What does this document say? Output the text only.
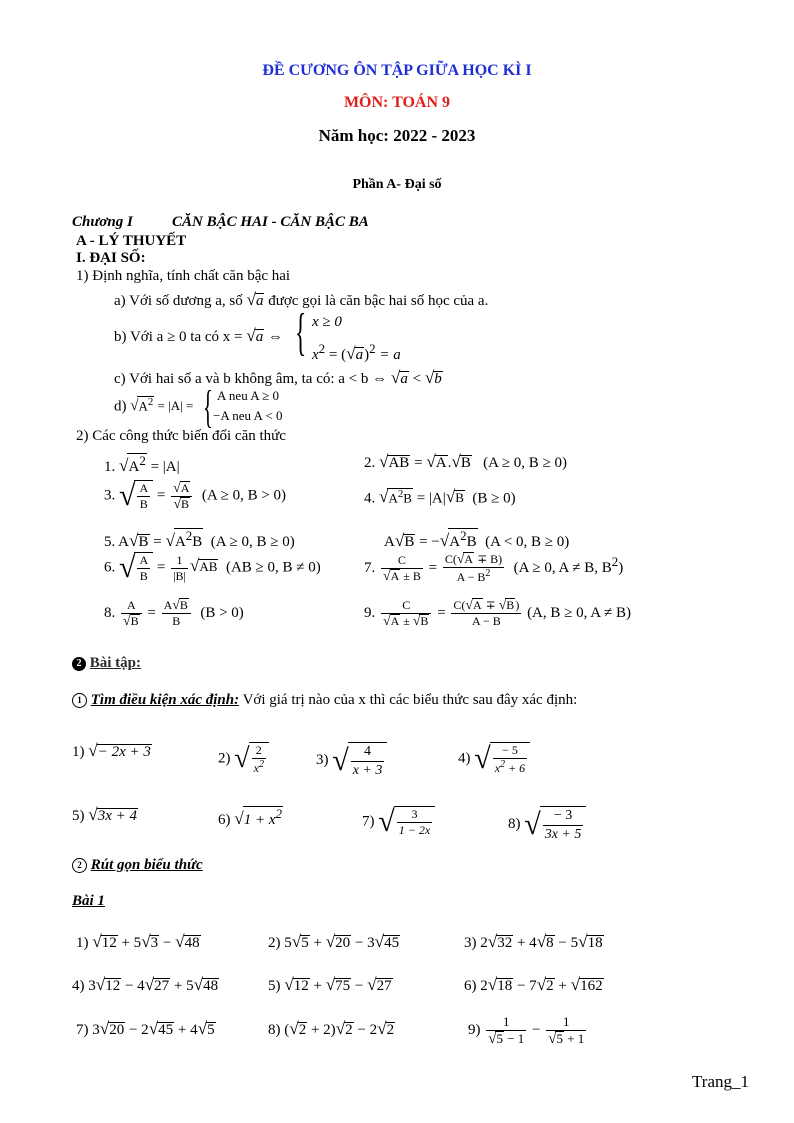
ĐỀ CƯƠNG ÔN TẬP GIỮA HỌC KÌ I
MÔN: TOÁN 9
Năm học: 2022 - 2023
Phần A- Đại số
Chương I	CĂN BẬC HAI - CĂN BẬC BA
A - LÝ THUYẾT
I. ĐẠI SỐ:
1) Định nghĩa, tính chất căn bậc hai
a) Với số dương a, số √a được gọi là căn bậc hai số học của a.
b) Với a ≥ 0 ta có x = √a ⇔ { x ≥ 0
$x^2 = (√a)^2 = a$
c) Với hai số a và b không âm, ta có: a < b ⇔ √a < √b
d) $√A^2 = |A|$ = { A neu A ≥ 0
−A neu A < 0
2) Các công thức biến đổi căn thức
1. $√A^2 = |A|$	2. √AB = √A.√B (A ≥ 0, B ≥ 0)
3. √ $\frac{A}{B} = \frac{√A}{√B} (A \ge 0$, B > 0)	4. $√A^2B = |A|√B$ (B ≥ 0)
5. $A√B = √A^2B$ (A ≥ 0, B ≥ 0)	$A√B = -√A^2B$ (A < 0, B ≥ 0)
6. √ $\frac{A}{B} = \frac{1}{|B|} √AB$ (AB ≥ 0, B ≠ 0)	7. $\frac{C}{√A \pm B} = \frac{C(√A \mp B)}{A - B^2} (A \ge 0$, A ≠ B, $B^2$)
8. $\frac{A}{√B} = \frac{A√B}{B} (B > 0)$	9. $\frac{C}{√A \pm √B} = \frac{C(√A \mp √B)}{A - B} (A$, B ≥ 0, A ≠ B)
2 Bài tập:
1 Tìm điều kiện xác định: Với giá trị nào của x thì các biểu thức sau đây xác định:
1) √− 2x + 3	2) √ $\frac{2}{x^2}$	3) √ $\frac{4}{x + 3}$	4) √ $\frac{- 5}{x^2 + 6}$
5) √3x + 4	6) $√1 + x^2$	7) √ $\frac{3}{1 - 2x}$	8) √ $\frac{- 3}{3x + 5}$
2 Rút gọn biểu thức
Bài 1
1) √12 + 5√3 − √48	2) 5√5 + √20 − 3√45	3) 2√32 + 4√8 − 5√18
4) 3√12 − 4√27 + 5√48	5) √12 + √75 − √27	6) 2√18 − 7√2 + √162
7) 3√20 − 2√45 + 4√5	8) (√2 + 2)√2 − 2√2	$9) \frac{1}{√5 - 1} - \frac{1}{√5 + 1}$
Trang_1
